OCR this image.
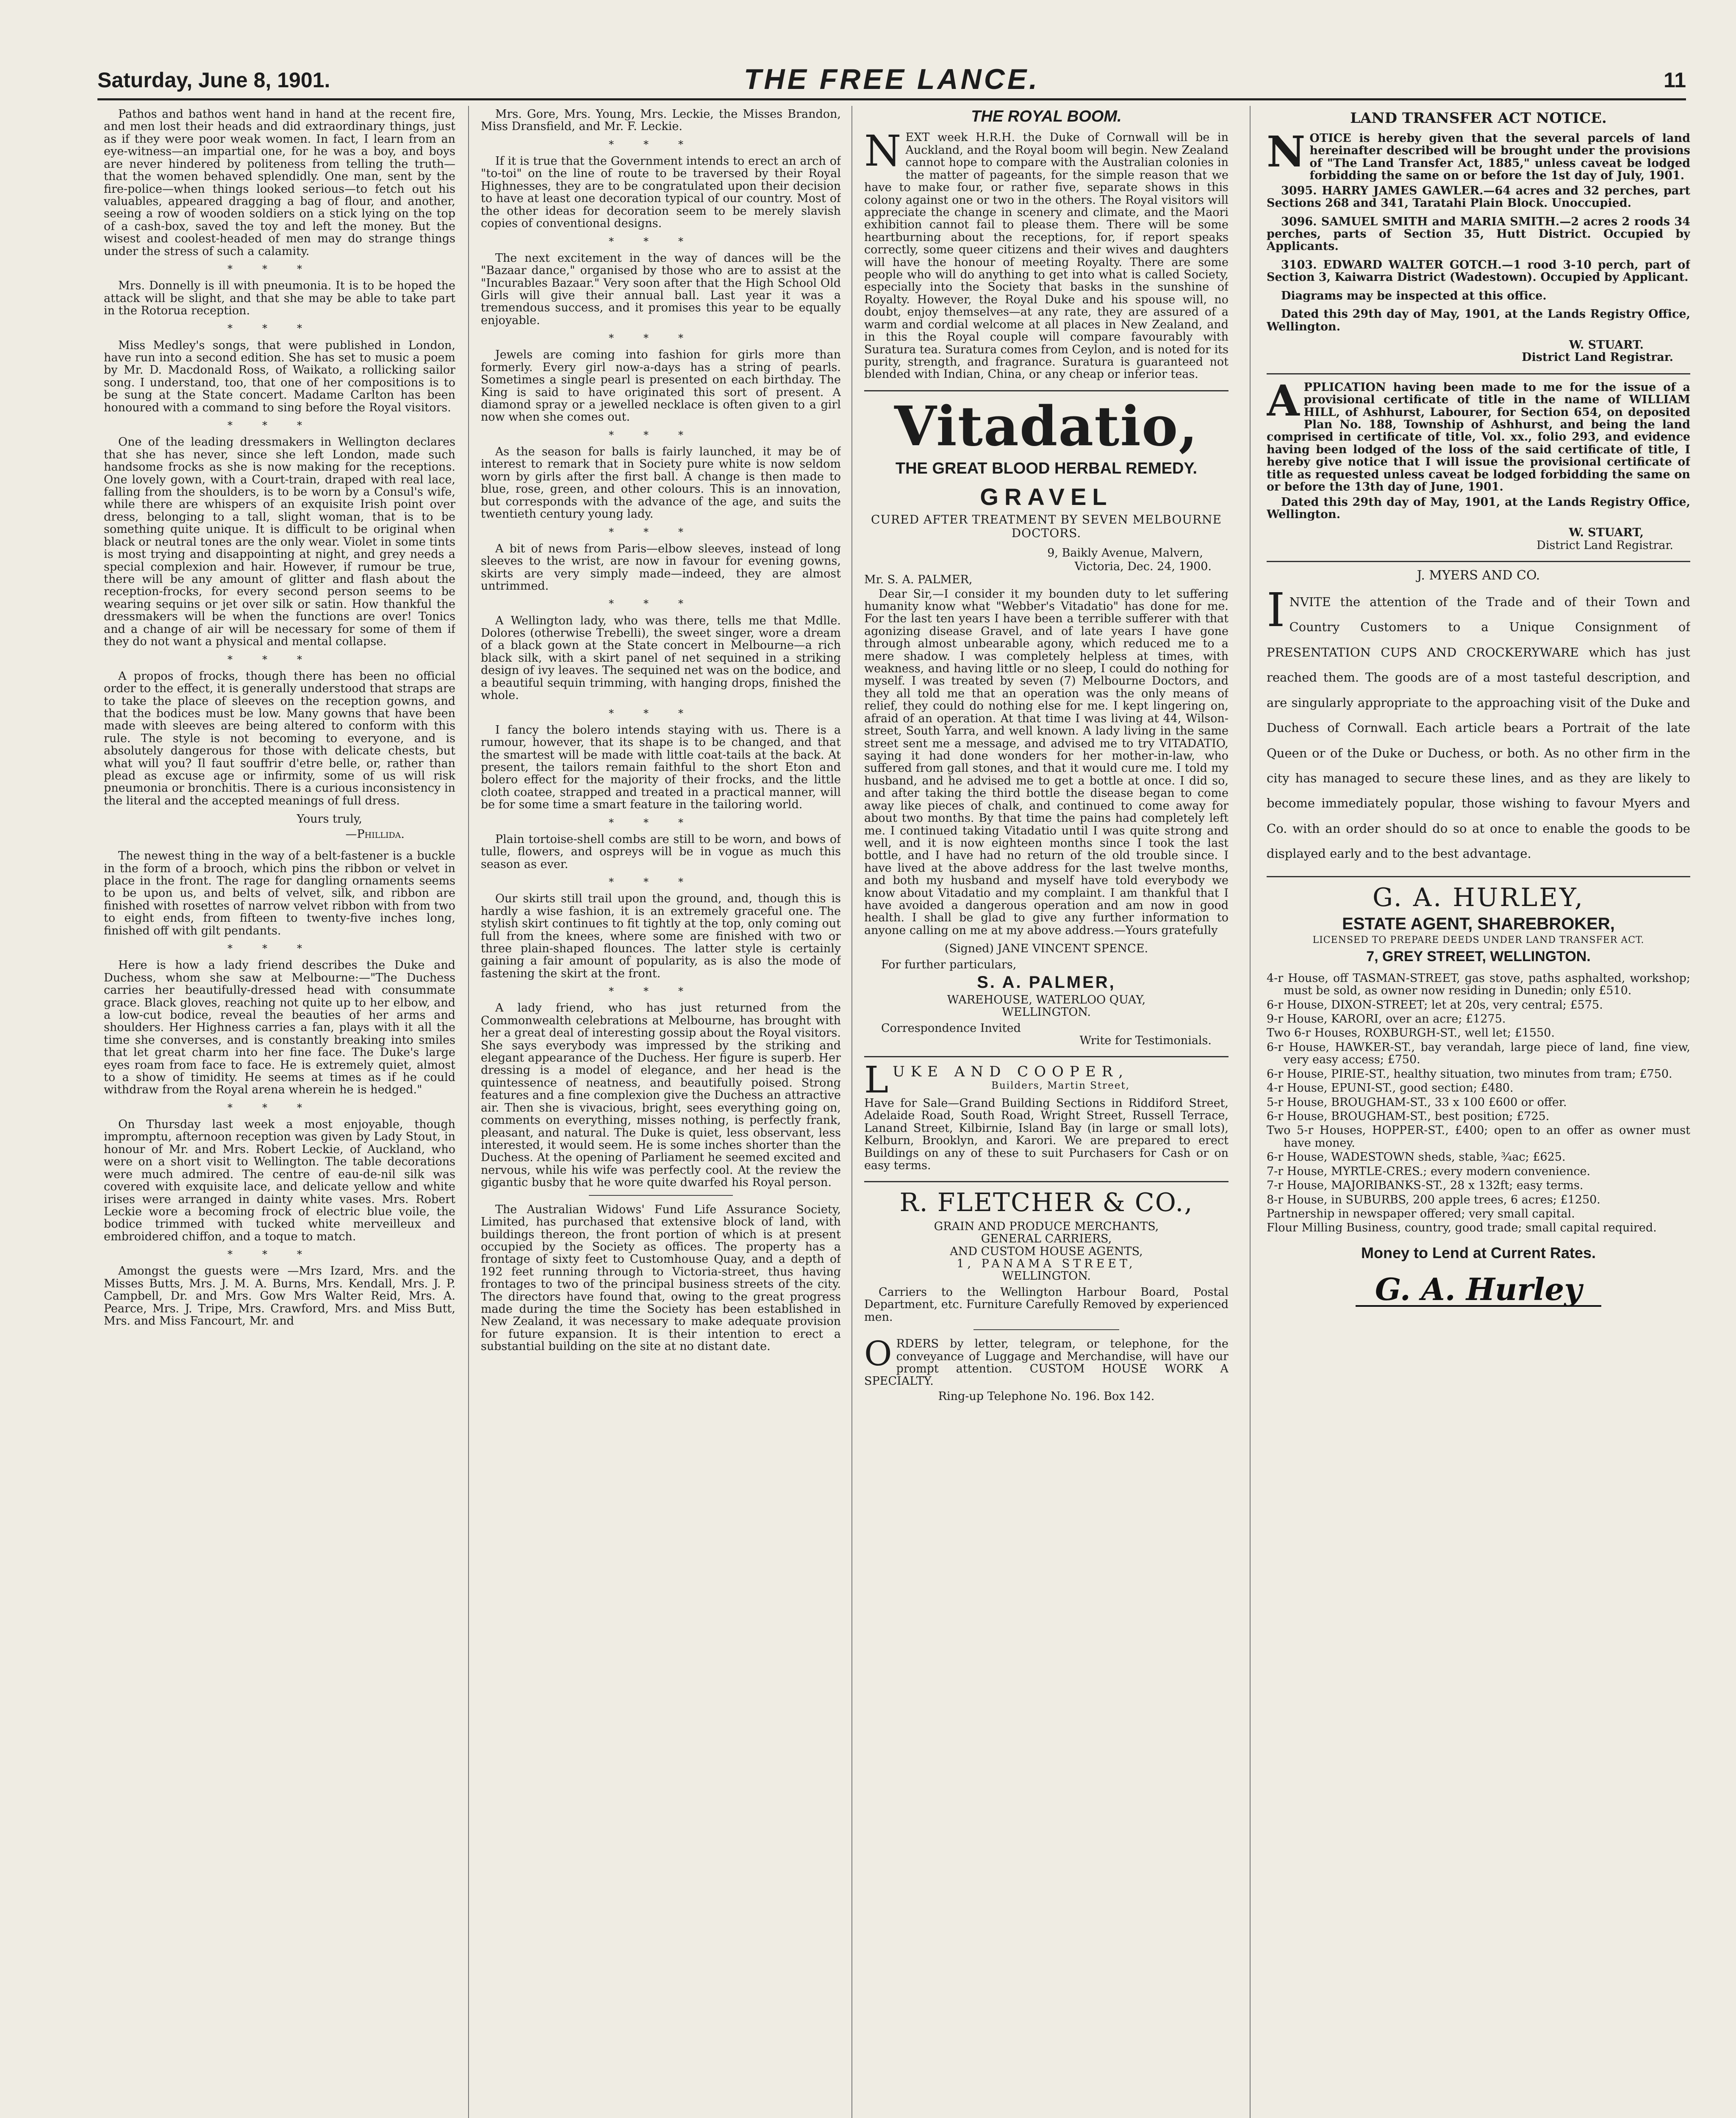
Saturday, June 8, 1901.	THE FREE LANCE.	11

Pathos and bathos went hand in hand at the recent fire, and men lost their heads and did extraordinary things, just as if they were poor weak women. In fact, I learn from an eye-witness—an impartial one, for he was a boy, and boys are never hindered by politeness from telling the truth—that the women behaved splendidly. One man, sent by the fire-police—when things looked serious—to fetch out his valuables, appeared dragging a bag of flour, and another, seeing a row of wooden soldiers on a stick lying on the top of a cash-box, saved the toy and left the money. But the wisest and coolest-headed of men may do strange things under the stress of such a calamity.

***

Mrs. Donnelly is ill with pneumonia. It is to be hoped the attack will be slight, and that she may be able to take part in the Rotorua reception.

***

Miss Medley's songs, that were published in London, have run into a second edition. She has set to music a poem by Mr. D. Macdonald Ross, of Waikato, a rollicking sailor song. I understand, too, that one of her compositions is to be sung at the State concert. Madame Carlton has been honoured with a command to sing before the Royal visitors.

***

One of the leading dressmakers in Wellington declares that she has never, since she left London, made such handsome frocks as she is now making for the receptions. One lovely gown, with a Court-train, draped with real lace, falling from the shoulders, is to be worn by a Consul's wife, while there are whispers of an exquisite Irish point over dress, belonging to a tall, slight woman, that is to be something quite unique. It is difficult to be original when black or neutral tones are the only wear. Violet in some tints is most trying and disappointing at night, and grey needs a special complexion and hair. However, if rumour be true, there will be any amount of glitter and flash about the reception-frocks, for every second person seems to be wearing sequins or jet over silk or satin. How thankful the dressmakers will be when the functions are over! Tonics and a change of air will be necessary for some of them if they do not want a physical and mental collapse.

***

A propos of frocks, though there has been no official order to the effect, it is generally understood that straps are to take the place of sleeves on the reception gowns, and that the bodices must be low. Many gowns that have been made with sleeves are being altered to conform with this rule. The style is not becoming to everyone, and is absolutely dangerous for those with delicate chests, but what will you? Il faut souffrir d'etre belle, or, rather than plead as excuse age or infirmity, some of us will risk pneumonia or bronchitis. There is a curious inconsistency in the literal and the accepted meanings of full dress.

Yours truly,
—Phillida.

The newest thing in the way of a belt-fastener is a buckle in the form of a brooch, which pins the ribbon or velvet in place in the front. The rage for dangling ornaments seems to be upon us, and belts of velvet, silk, and ribbon are finished with rosettes of narrow velvet ribbon with from two to eight ends, from fifteen to twenty-five inches long, finished off with gilt pendants.

***

Here is how a lady friend describes the Duke and Duchess, whom she saw at Melbourne:—"The Duchess carries her beautifully-dressed head with consummate grace. Black gloves, reaching not quite up to her elbow, and a low-cut bodice, reveal the beauties of her arms and shoulders. Her Highness carries a fan, plays with it all the time she converses, and is constantly breaking into smiles that let great charm into her fine face. The Duke's large eyes roam from face to face. He is extremely quiet, almost to a show of timidity. He seems at times as if he could withdraw from the Royal arena wherein he is hedged."

***

On Thursday last week a most enjoyable, though impromptu, afternoon reception was given by Lady Stout, in honour of Mr. and Mrs. Robert Leckie, of Auckland, who were on a short visit to Wellington. The table decorations were much admired. The centre of eau-de-nil silk was covered with exquisite lace, and delicate yellow and white irises were arranged in dainty white vases. Mrs. Robert Leckie wore a becoming frock of electric blue voile, the bodice trimmed with tucked white merveilleux and embroidered chiffon, and a toque to match.

***

Amongst the guests were —Mrs Izard, Mrs. and the Misses Butts, Mrs. J. M. A. Burns, Mrs. Kendall, Mrs. J. P. Campbell, Dr. and Mrs. Gow Mrs Walter Reid, Mrs. A. Pearce, Mrs. J. Tripe, Mrs. Crawford, Mrs. and Miss Butt, Mrs. and Miss Fancourt, Mr. and

Mrs. Gore, Mrs. Young, Mrs. Leckie, the Misses Brandon, Miss Dransfield, and Mr. F. Leckie.

***

If it is true that the Government intends to erect an arch of "to-toi" on the line of route to be traversed by their Royal Highnesses, they are to be congratulated upon their decision to have at least one decoration typical of our country. Most of the other ideas for decoration seem to be merely slavish copies of conventional designs.

***

The next excitement in the way of dances will be the "Bazaar dance," organised by those who are to assist at the "Incurables Bazaar." Very soon after that the High School Old Girls will give their annual ball. Last year it was a tremendous success, and it promises this year to be equally enjoyable.

***

Jewels are coming into fashion for girls more than formerly. Every girl now-a-days has a string of pearls. Sometimes a single pearl is presented on each birthday. The King is said to have originated this sort of present. A diamond spray or a jewelled necklace is often given to a girl now when she comes out.

***

As the season for balls is fairly launched, it may be of interest to remark that in Society pure white is now seldom worn by girls after the first ball. A change is then made to blue, rose, green, and other colours. This is an innovation, but corresponds with the advance of the age, and suits the twentieth century young lady.

***

A bit of news from Paris—elbow sleeves, instead of long sleeves to the wrist, are now in favour for evening gowns, skirts are very simply made—indeed, they are almost untrimmed.

***

A Wellington lady, who was there, tells me that Mdlle. Dolores (otherwise Trebelli), the sweet singer, wore a dream of a black gown at the State concert in Melbourne—a rich black silk, with a skirt panel of net sequined in a striking design of ivy leaves. The sequined net was on the bodice, and a beautiful sequin trimming, with hanging drops, finished the whole.

***

I fancy the bolero intends staying with us. There is a rumour, however, that its shape is to be changed, and that the smartest will be made with little coat-tails at the back. At present, the tailors remain faithful to the short Eton and bolero effect for the majority of their frocks, and the little cloth coatee, strapped and treated in a practical manner, will be for some time a smart feature in the tailoring world.

***

Plain tortoise-shell combs are still to be worn, and bows of tulle, flowers, and ospreys will be in vogue as much this season as ever.

***

Our skirts still trail upon the ground, and, though this is hardly a wise fashion, it is an extremely graceful one. The stylish skirt continues to fit tightly at the top, only coming out full from the knees, where some are finished with two or three plain-shaped flounces. The latter style is certainly gaining a fair amount of popularity, as is also the mode of fastening the skirt at the front.

***

A lady friend, who has just returned from the Commonwealth celebrations at Melbourne, has brought with her a great deal of interesting gossip about the Royal visitors. She says everybody was impressed by the striking and elegant appearance of the Duchess. Her figure is superb. Her dressing is a model of elegance, and her head is the quintessence of neatness, and beautifully poised. Strong features and a fine complexion give the Duchess an attractive air. Then she is vivacious, bright, sees everything going on, comments on everything, misses nothing, is perfectly frank, pleasant, and natural. The Duke is quiet, less observant, less interested, it would seem. He is some inches shorter than the Duchess. At the opening of Parliament he seemed excited and nervous, while his wife was perfectly cool. At the review the gigantic busby that he wore quite dwarfed his Royal person.

The Australian Widows' Fund Life Assurance Society, Limited, has purchased that extensive block of land, with buildings thereon, the front portion of which is at present occupied by the Society as offices. The property has a frontage of sixty feet to Customhouse Quay, and a depth of 192 feet running through to Victoria-street, thus having frontages to two of the principal business streets of the city. The directors have found that, owing to the great progress made during the time the Society has been established in New Zealand, it was necessary to make adequate provision for future expansion. It is their intention to erect a substantial building on the site at no distant date.

THE ROYAL BOOM.

NEXT week H.R.H. the Duke of Cornwall will be in Auckland, and the Royal boom will begin. New Zealand cannot hope to compare with the Australian colonies in the matter of pageants, for the simple reason that we have to make four, or rather five, separate shows in this colony against one or two in the others. The Royal visitors will appreciate the change in scenery and climate, and the Maori exhibition cannot fail to please them. There will be some heartburning about the receptions, for, if report speaks correctly, some queer citizens and their wives and daughters will have the honour of meeting Royalty. There are some people who will do anything to get into what is called Society, especially into the Society that basks in the sunshine of Royalty. However, the Royal Duke and his spouse will, no doubt, enjoy themselves—at any rate, they are assured of a warm and cordial welcome at all places in New Zealand, and in this the Royal couple will compare favourably with Suratura tea. Suratura comes from Ceylon, and is noted for its purity, strength, and fragrance. Suratura is guaranteed not blended with Indian, China, or any cheap or inferior teas.

Vitadatio,
THE GREAT BLOOD HERBAL REMEDY.
GRAVEL
CURED AFTER TREATMENT BY SEVEN MELBOURNE DOCTORS.
9, Baikly Avenue, Malvern,
Victoria, Dec. 24, 1900.
Mr. S. A. PALMER,

Dear Sir,—I consider it my bounden duty to let suffering humanity know what "Webber's Vitadatio" has done for me. For the last ten years I have been a terrible sufferer with that agonizing disease Gravel, and of late years I have gone through almost unbearable agony, which reduced me to a mere shadow. I was completely helpless at times, with weakness, and having little or no sleep, I could do nothing for myself. I was treated by seven (7) Melbourne Doctors, and they all told me that an operation was the only means of relief, they could do nothing else for me. I kept lingering on, afraid of an operation. At that time I was living at 44, Wilson-street, South Yarra, and well known. A lady living in the same street sent me a message, and advised me to try VITADATIO, saying it had done wonders for her mother-in-law, who suffered from gall stones, and that it would cure me. I told my husband, and he advised me to get a bottle at once. I did so, and after taking the third bottle the disease began to come away like pieces of chalk, and continued to come away for about two months. By that time the pains had completely left me. I continued taking Vitadatio until I was quite strong and well, and it is now eighteen months since I took the last bottle, and I have had no return of the old trouble since. I have lived at the above address for the last twelve months, and both my husband and myself have told everybody we know about Vitadatio and my complaint. I am thankful that I have avoided a dangerous operation and am now in good health. I shall be glad to give any further information to anyone calling on me at my above address.—Yours gratefully

(Signed) JANE VINCENT SPENCE.
For further particulars,
S. A. PALMER,
WAREHOUSE, WATERLOO QUAY,
WELLINGTON.
Correspondence Invited
Write for Testimonials.
L UKE AND COOPER,
Builders, Martin Street,

Have for Sale—Grand Building Sections in Riddiford Street, Adelaide Road, South Road, Wright Street, Russell Terrace, Lanand Street, Kilbirnie, Island Bay (in large or small lots), Kelburn, Brooklyn, and Karori. We are prepared to erect Buildings on any of these to suit Purchasers for Cash or on easy terms.

R. FLETCHER & CO.,
GRAIN AND PRODUCE MERCHANTS,
GENERAL CARRIERS,
AND CUSTOM HOUSE AGENTS,
1, PANAMA STREET,
WELLINGTON.

Carriers to the Wellington Harbour Board, Postal Department, etc. Furniture Carefully Removed by experienced men.

ORDERS by letter, telegram, or telephone, for the conveyance of Luggage and Merchandise, will have our prompt attention. CUSTOM HOUSE WORK A SPECIALTY.

Ring-up Telephone No. 196. Box 142.
LAND TRANSFER ACT NOTICE.

NOTICE is hereby given that the several parcels of land hereinafter described will be brought under the provisions of "The Land Transfer Act, 1885," unless caveat be lodged forbidding the same on or before the 1st day of July, 1901.

3095. HARRY JAMES GAWLER.—64 acres and 32 perches, part Sections 268 and 341, Taratahi Plain Block. Unoccupied.

3096. SAMUEL SMITH and MARIA SMITH.—2 acres 2 roods 34 perches, parts of Section 35, Hutt District. Occupied by Applicants.

3103. EDWARD WALTER GOTCH.—1 rood 3-10 perch, part of Section 3, Kaiwarra District (Wadestown). Occupied by Applicant.

Diagrams may be inspected at this office.

Dated this 29th day of May, 1901, at the Lands Registry Office, Wellington.

W. STUART.
District Land Registrar.

APPLICATION having been made to me for the issue of a provisional certificate of title in the name of WILLIAM HILL, of Ashhurst, Labourer, for Section 654, on deposited Plan No. 188, Township of Ashhurst, and being the land comprised in certificate of title, Vol. xx., folio 293, and evidence having been lodged of the loss of the said certificate of title, I hereby give notice that I will issue the provisional certificate of title as requested unless caveat be lodged forbidding the same on or before the 13th day of June, 1901.

Dated this 29th day of May, 1901, at the Lands Registry Office, Wellington.

W. STUART,
District Land Registrar.
J. MYERS AND CO.

INVITE the attention of the Trade and of their Town and Country Customers to a Unique Consignment of PRESENTATION CUPS AND CROCKERYWARE which has just reached them. The goods are of a most tasteful description, and are singularly appropriate to the approaching visit of the Duke and Duchess of Cornwall. Each article bears a Portrait of the late Queen or of the Duke or Duchess, or both. As no other firm in the city has managed to secure these lines, and as they are likely to become immediately popular, those wishing to favour Myers and Co. with an order should do so at once to enable the goods to be displayed early and to the best advantage.

G. A. HURLEY,
ESTATE AGENT, SHAREBROKER,
LICENSED TO PREPARE DEEDS UNDER LAND TRANSFER ACT.
7, GREY STREET, WELLINGTON.

4-r House, off TASMAN-STREET, gas stove, paths asphalted, workshop; must be sold, as owner now residing in Dunedin; only £510.

6-r House, DIXON-STREET; let at 20s, very central; £575.

9-r House, KARORI, over an acre; £1275.

Two 6-r Houses, ROXBURGH-ST., well let; £1550.

6-r House, HAWKER-ST., bay verandah, large piece of land, fine view, very easy access; £750.

6-r House, PIRIE-ST., healthy situation, two minutes from tram; £750.

4-r House, EPUNI-ST., good section; £480.

5-r House, BROUGHAM-ST., 33 x 100 £600 or offer.

6-r House, BROUGHAM-ST., best position; £725.

Two 5-r Houses, HOPPER-ST., £400; open to an offer as owner must have money.

6-r House, WADESTOWN sheds, stable, ¾ac; £625.

7-r House, MYRTLE-CRES.; every modern convenience.

7-r House, MAJORIBANKS-ST., 28 x 132ft; easy terms.

8-r House, in SUBURBS, 200 apple trees, 6 acres; £1250.

Partnership in newspaper offered; very small capital.

Flour Milling Business, country, good trade; small capital required.

Money to Lend at Current Rates.
G. A. Hurley
